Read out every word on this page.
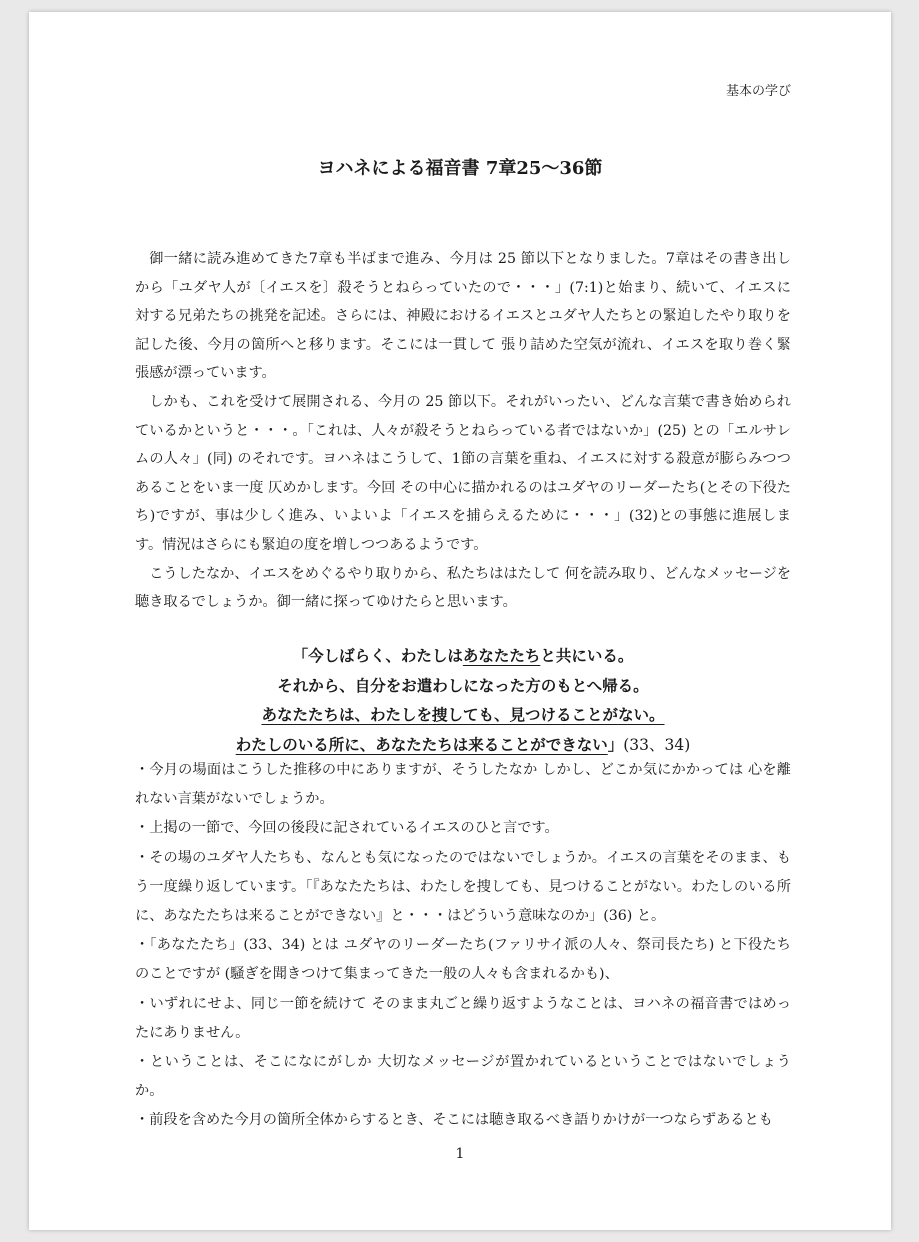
基本の学び
ヨハネによる福音書 7章25〜36節

御一緒に読み進めてきた7章も半ばまで進み、今月は 25 節以下となりました。7章はその書き出しから「ユダヤ人が〔イエスを〕殺そうとねらっていたので・・・」(7:1)と始まり、続いて、イエスに対する兄弟たちの挑発を記述。さらには、神殿におけるイエスとユダヤ人たちとの緊迫したやり取りを記した後、今月の箇所へと移ります。そこには一貫して 張り詰めた空気が流れ、イエスを取り巻く緊張感が漂っています。

しかも、これを受けて展開される、今月の 25 節以下。それがいったい、どんな言葉で書き始められているかというと・・・。「これは、人々が殺そうとねらっている者ではないか」(25) との「エルサレムの人々」(同) のそれです。ヨハネはこうして、1節の言葉を重ね、イエスに対する殺意が膨らみつつあることをいま一度 仄めかします。今回 その中心に描かれるのはユダヤのリーダーたち(とその下役たち)ですが、事は少しく進み、いよいよ「イエスを捕らえるために・・・」(32)との事態に進展します。情況はさらにも緊迫の度を増しつつあるようです。

こうしたなか、イエスをめぐるやり取りから、私たちははたして 何を読み取り、どんなメッセージを聴き取るでしょうか。御一緒に探ってゆけたらと思います。

「今しばらく、わたしはあなたたちと共にいる。
それから、自分をお遣わしになった方のもとへ帰る。
あなたたちは、わたしを捜しても、見つけることがない。
わたしのいる所に、あなたたちは来ることができない」(33、34)

・今月の場面はこうした推移の中にありますが、そうしたなか しかし、どこか気にかかっては 心を離れない言葉がないでしょうか。

・上掲の一節で、今回の後段に記されているイエスのひと言です。

・その場のユダヤ人たちも、なんとも気になったのではないでしょうか。イエスの言葉をそのまま、もう一度繰り返しています。「『あなたたちは、わたしを捜しても、見つけることがない。わたしのいる所に、あなたたちは来ることができない』と・・・はどういう意味なのか」(36) と。

・「あなたたち」(33、34) とは ユダヤのリーダーたち(ファリサイ派の人々、祭司長たち) と下役たちのことですが (騒ぎを聞きつけて集まってきた一般の人々も含まれるかも)、

・いずれにせよ、同じ一節を続けて そのまま丸ごと繰り返すようなことは、ヨハネの福音書ではめったにありません。

・ということは、そこになにがしか 大切なメッセージが置かれているということではないでしょうか。

・前段を含めた今月の箇所全体からするとき、そこには聴き取るべき語りかけが一つならずあるとも

1
